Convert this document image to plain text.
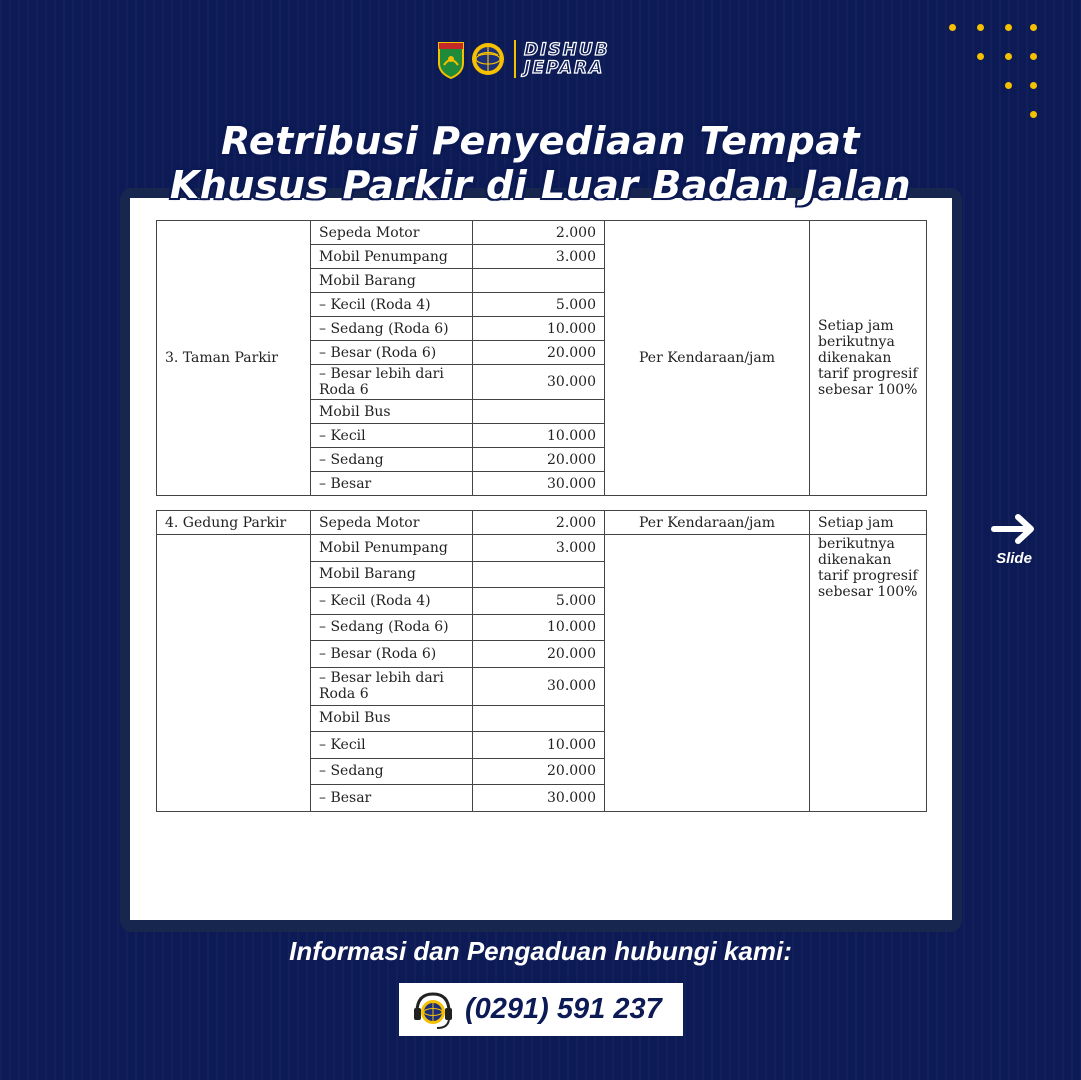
DISHUB
JEPARA
3. Taman Parkir	Sepeda Motor	2.000	Per Kendaraan/jam	Setiap jam berikutnya dikenakan tarif progresif sebesar 100%
	Mobil Penumpang	3.000		
	Mobil Barang			
	– Kecil (Roda 4)	5.000		
	– Sedang (Roda 6)	10.000		
	– Besar (Roda 6)	20.000		
	– Besar lebih dari Roda 6	30.000		
	Mobil Bus			
	– Kecil	10.000		
	– Sedang	20.000		
	– Besar	30.000		
4. Gedung Parkir	Sepeda Motor	2.000	Per Kendaraan/jam	Setiap jam
	Mobil Penumpang	3.000		berikutnya dikenakan tarif progresif sebesar 100%
	Mobil Barang			
	– Kecil (Roda 4)	5.000		
	– Sedang (Roda 6)	10.000		
	– Besar (Roda 6)	20.000		
	– Besar lebih dari Roda 6	30.000		
	Mobil Bus			
	– Kecil	10.000		
	– Sedang	20.000		
	– Besar	30.000		
Retribusi Penyediaan Tempat
Khusus Parkir di Luar Badan Jalan
Slide
Informasi dan Pengaduan hubungi kami:
(0291) 591 237
